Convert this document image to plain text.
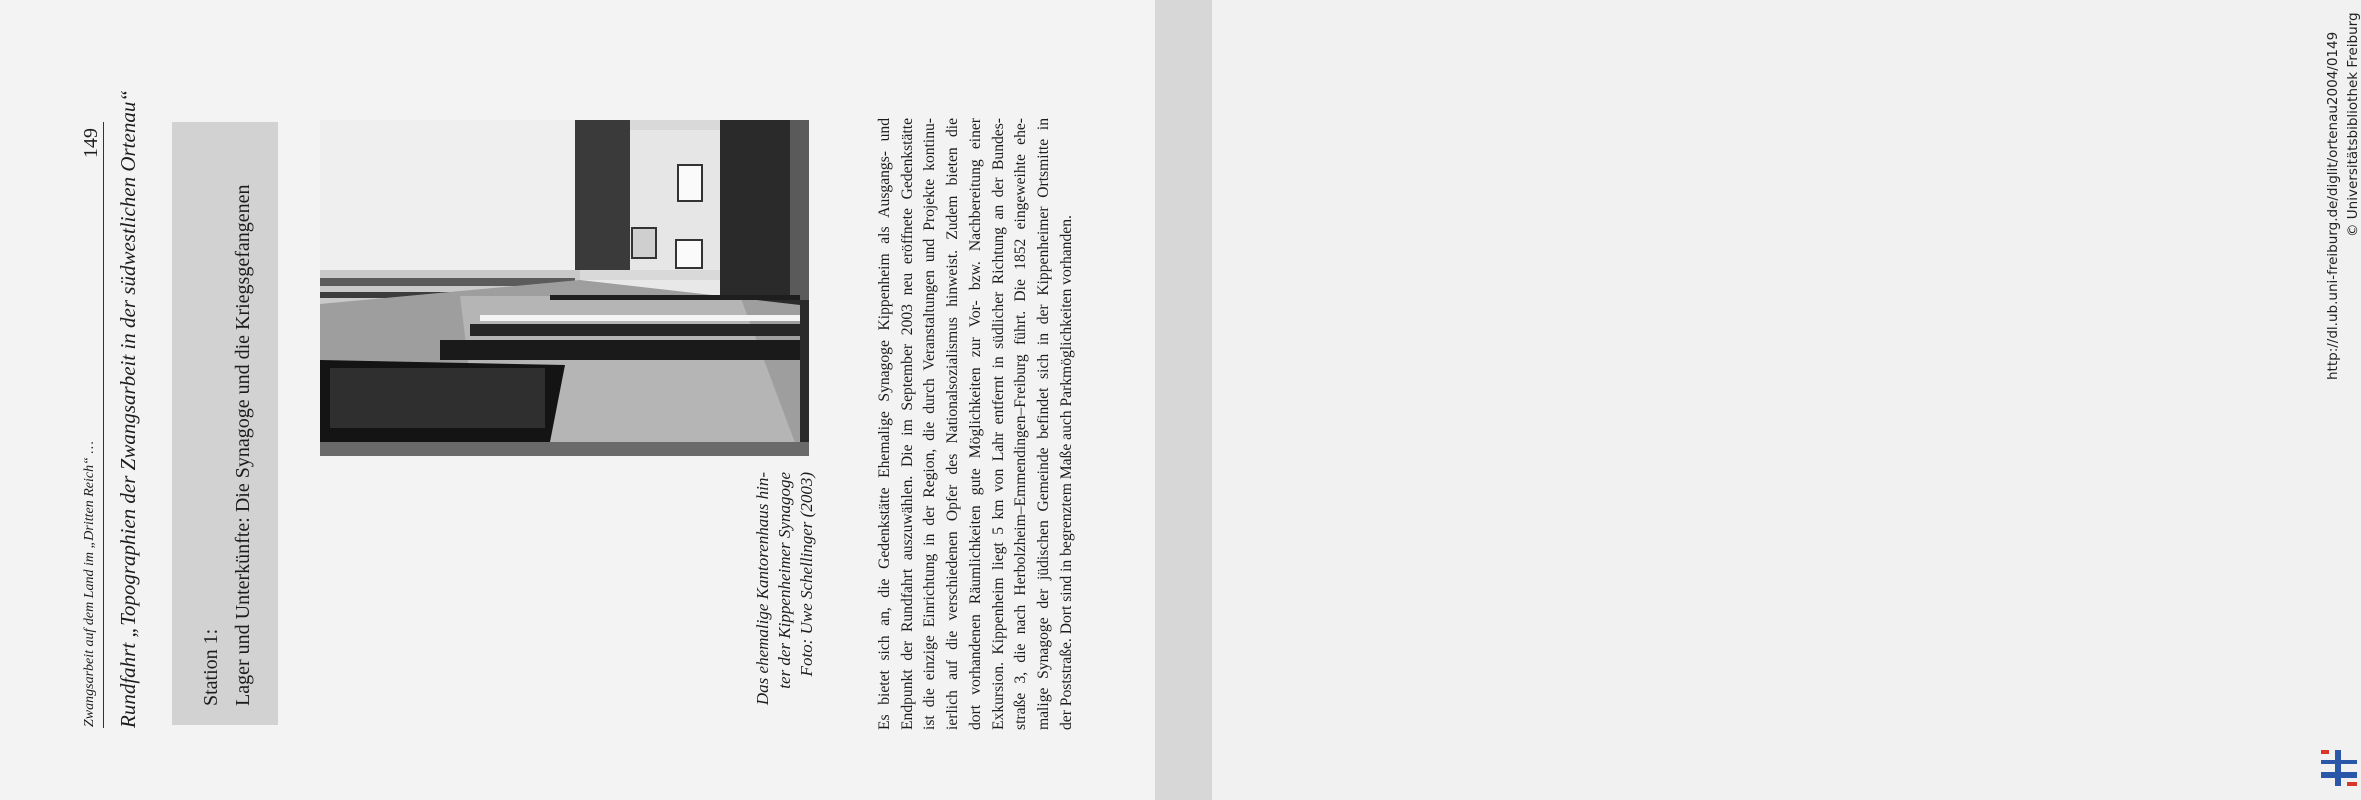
Zwangsarbeit auf dem Land im „Dritten Reich“ …
149 Rundfahrt „Topographien der Zwangsarbeit in der südwestlichen Ortenau“	Station 1: Lager und Unterkünfte: Die Synagoge und die Kriegsgefangenen	Das ehemalige Kantorenhaus hin- ter der Kippenheimer Synagoge Foto: Uwe Schellinger (2003)	Es bietet sich an, die Gedenkstätte Ehemalige Synagoge Kippenheim als Ausgangs- und Endpunkt der Rundfahrt auszuwählen. Die im September 2003 neu eröffnete Gedenkstätte ist die einzige Einrichtung in der Region, die durch Veranstaltungen und Projekte kontinu- ierlich auf die verschiedenen Opfer des Nationalsozialismus hinweist. Zudem bieten die dort vorhandenen Räumlichkeiten gute Möglichkeiten zur Vor- bzw. Nachbereitung einer Exkursion. Kippenheim liegt 5 km von Lahr entfernt in südlicher Richtung an der Bundes- straße 3, die nach Herbolzheim–Emmendingen–Freiburg führt. Die 1852 eingeweihte ehe- malige Synagoge der jüdischen Gemeinde befindet sich in der Kippenheimer Ortsmitte in der Poststraße. Dort sind in begrenztem Maße auch Parkmöglichkeiten vorhanden.
http://dl.ub.uni-freiburg.de/diglit/ortenau2004/0149 © Universitätsbibliothek Freiburg
